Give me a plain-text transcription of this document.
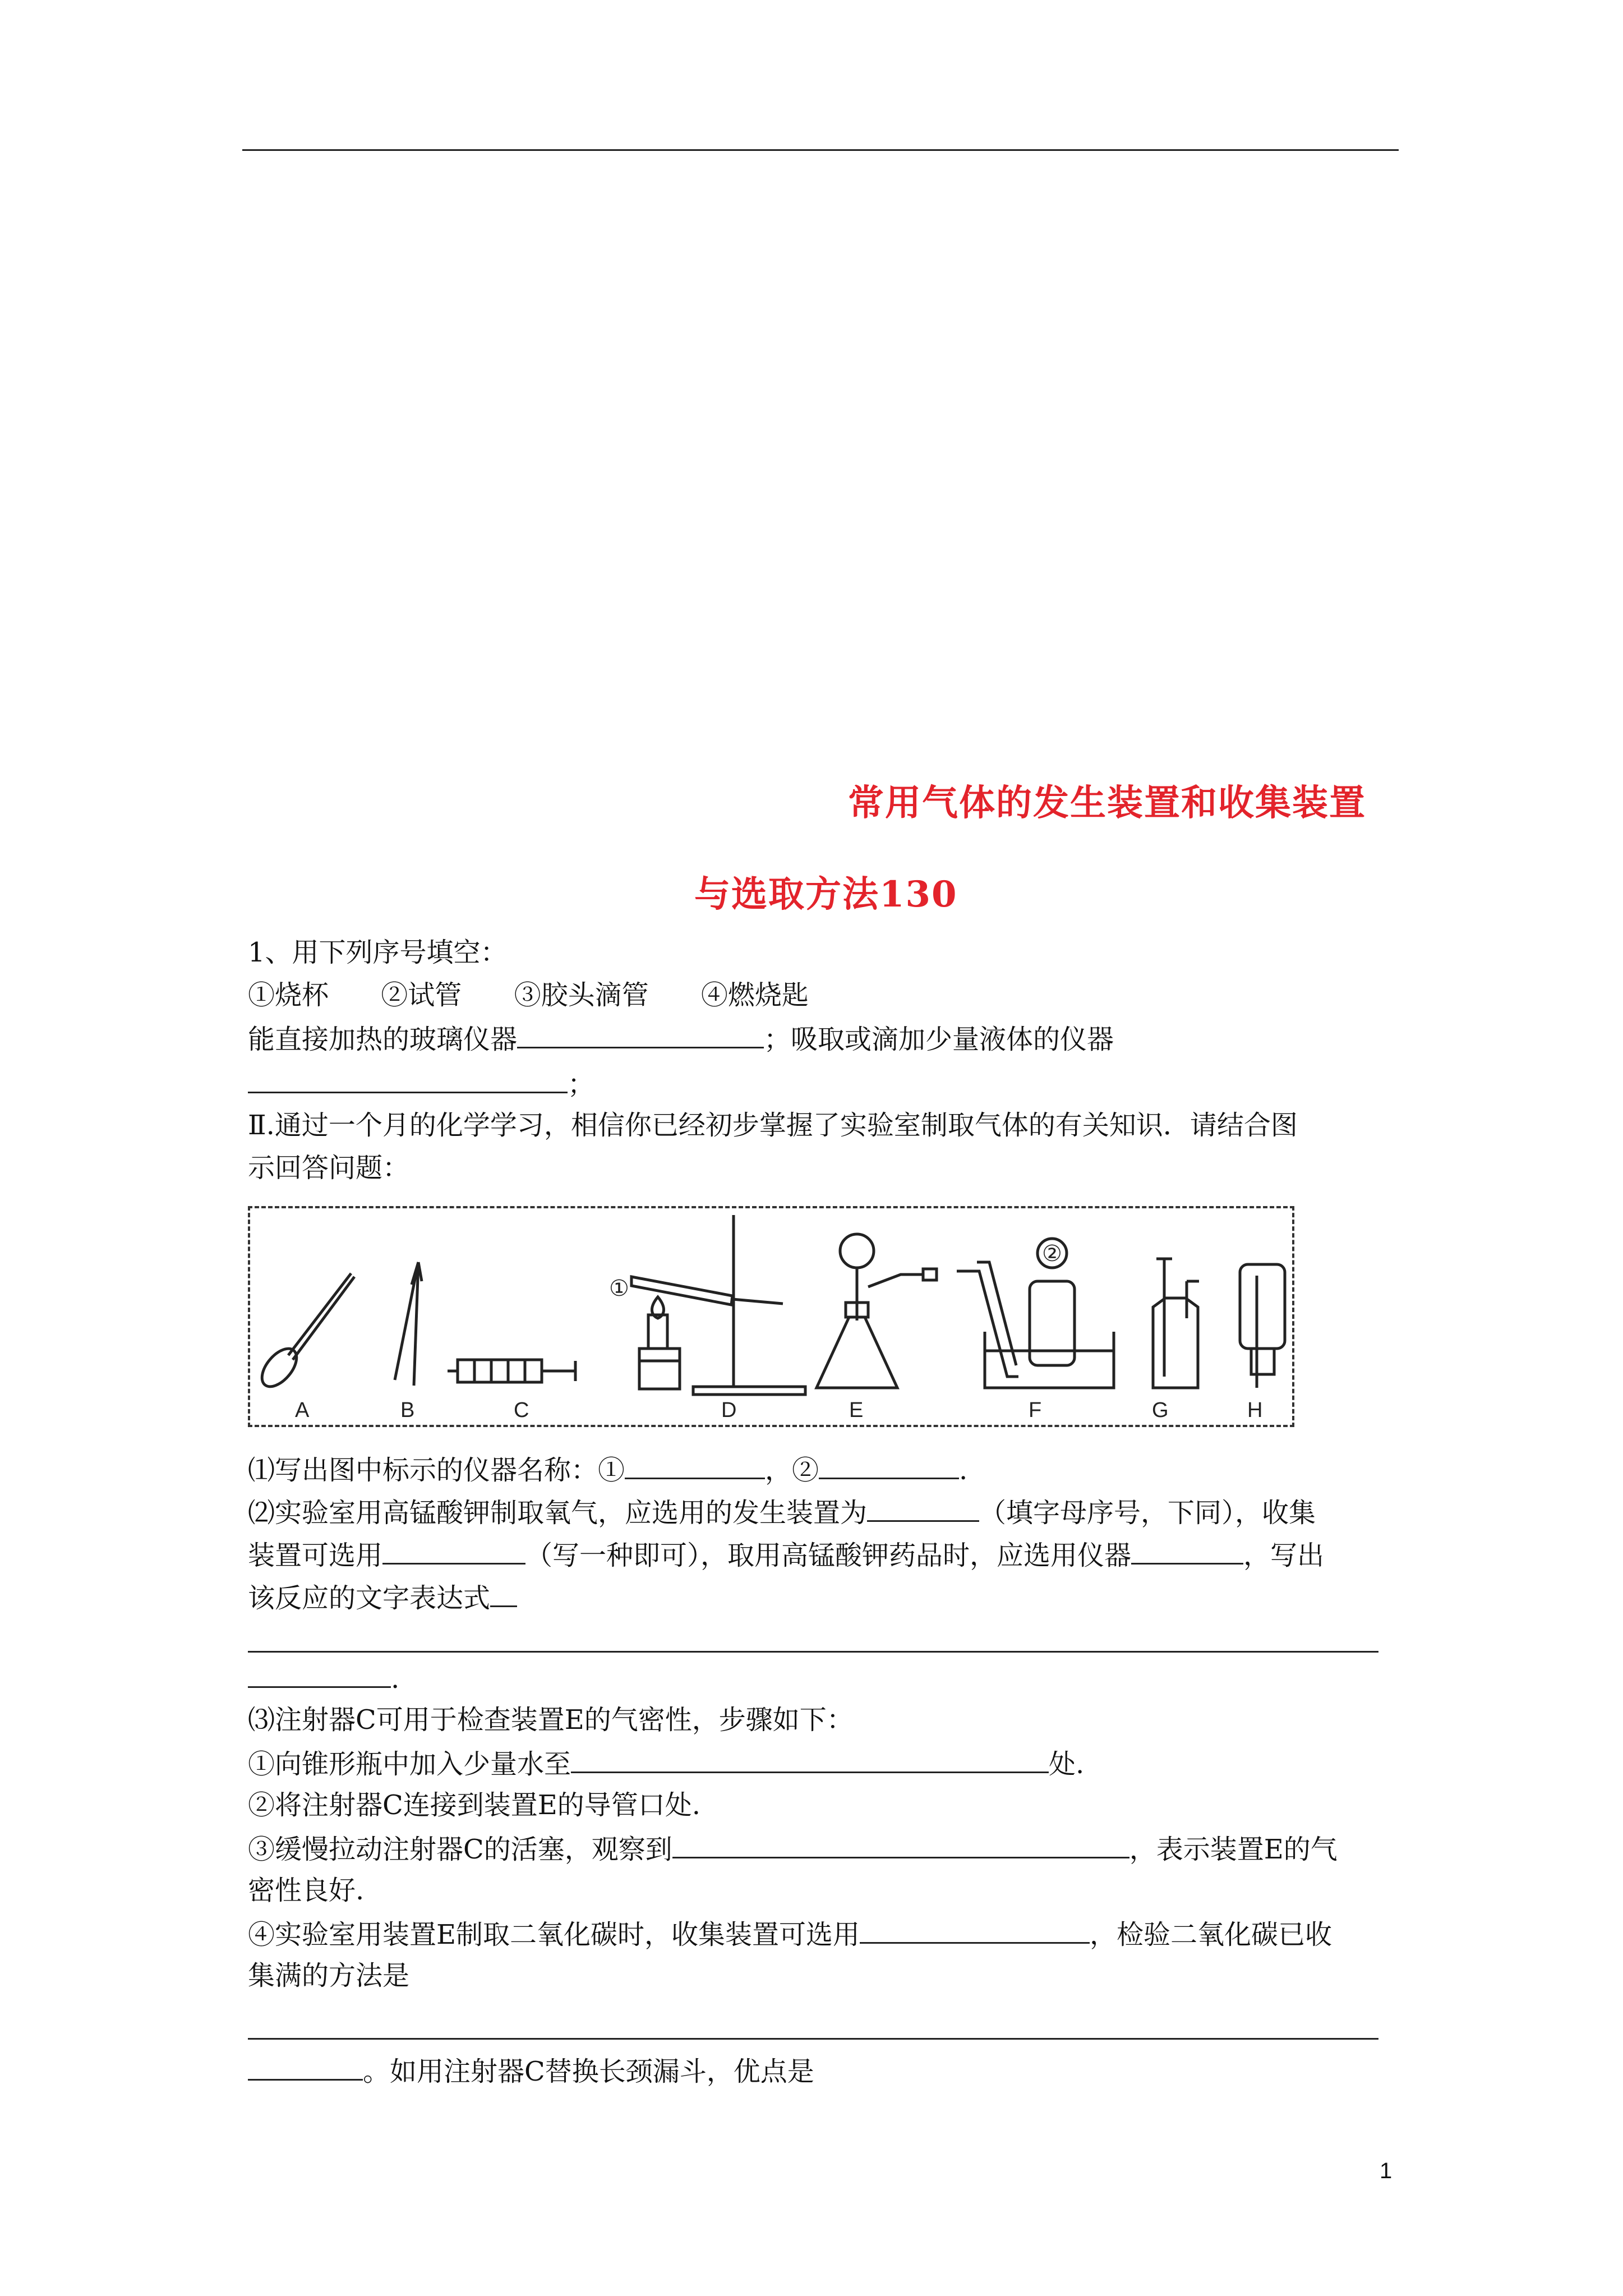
常用气体的发生装置和收集装置
与选取方法130
1、用下列序号填空：
①烧杯 ②试管 ③胶头滴管 ④燃烧匙
能直接加热的玻璃仪器	；吸取或滴加少量液体的仪器
；
Ⅱ.通过一个月的化学学习，相信你已经初步掌握了实验室制取气体的有关知识．请结合图
示回答问题：
A	B	C	D	E	F	G	H
①
②
⑴写出图中标示的仪器名称：①	，②	.
⑵实验室用高锰酸钾制取氧气，应选用的发生装置为	（填字母序号，下同），收集
装置可选用	（写一种即可），取用高锰酸钾药品时，应选用仪器	，写出
该反应的文字表达式
.
⑶注射器C可用于检查装置E的气密性，步骤如下：
①向锥形瓶中加入少量水至	处.
②将注射器C连接到装置E的导管口处.
③缓慢拉动注射器C的活塞，观察到	，表示装置E的气
密性良好.
④实验室用装置E制取二氧化碳时，收集装置可选用	，检验二氧化碳已收
集满的方法是
。如用注射器C替换长颈漏斗，优点是
1
